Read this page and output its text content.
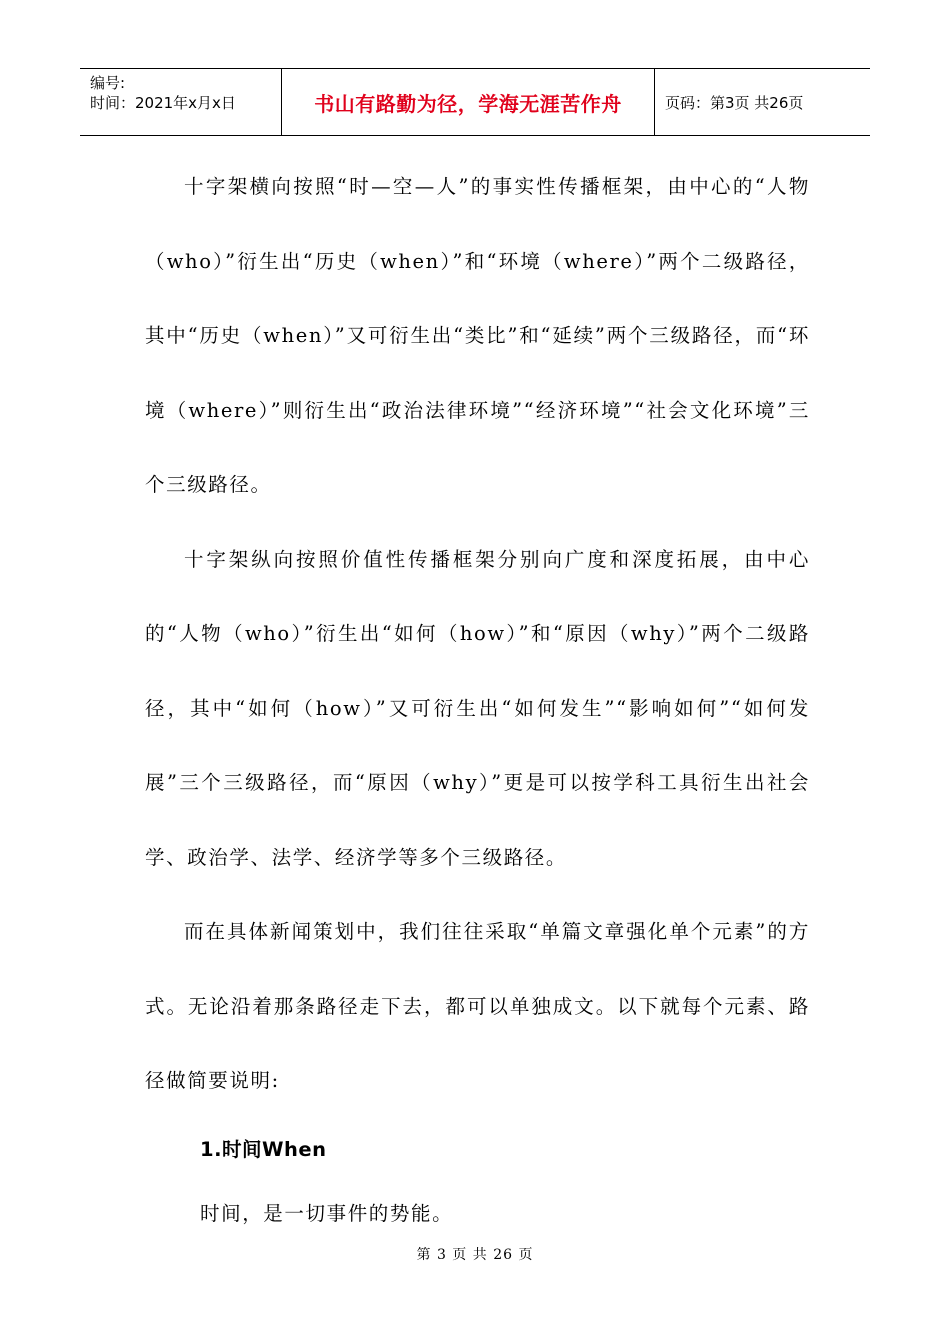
编号:
时间：2021年x月x日	书山有路勤为径，学海无涯苦作舟	页码：第3页 共26页

十字架横向按照“时—空—人”的事实性传播框架，由中心的“人物（who）”衍生出“历史（when）”和“环境（where）”两个二级路径，其中“历史（when）”又可衍生出“类比”和“延续”两个三级路径，而“环境（where）”则衍生出“政治法律环境”“经济环境”“社会文化环境”三个三级路径。

十字架纵向按照价值性传播框架分别向广度和深度拓展，由中心的“人物（who）”衍生出“如何（how）”和“原因（why）”两个二级路径，其中“如何（how）”又可衍生出“如何发生”“影响如何”“如何发展”三个三级路径，而“原因（why）”更是可以按学科工具衍生出社会学、政治学、法学、经济学等多个三级路径。

而在具体新闻策划中，我们往往采取“单篇文章强化单个元素”的方式。无论沿着那条路径走下去，都可以单独成文。以下就每个元素、路径做简要说明:

1.时间When

时间，是一切事件的势能。

第 3 页 共 26 页
